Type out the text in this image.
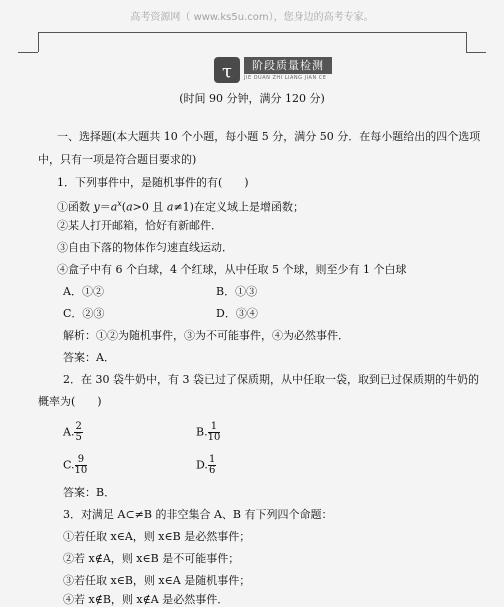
高考资源网（ www.ks5u.com），您身边的高考专家。
τ	阶段质量检测
JIE DUAN ZHI LIANG JIAN CE
(时间 90 分钟，满分 120 分)
一、选择题(本大题共 10 个小题，每小题 5 分，满分 50 分．在每小题给出的四个选项
中，只有一项是符合题目要求的)
1．下列事件中，是随机事件的有(　　)
①函数 $y=a^x(a>0$ 且 a≠1)在定义域上是增函数；
②某人打开邮箱，恰好有新邮件．
③自由下落的物体作匀速直线运动．
④盒子中有 6 个白球，4 个红球，从中任取 5 个球，则至少有 1 个白球
A．①②	B．①③
C．②③	D．③④
解析：①②为随机事件，③为不可能事件，④为必然事件．
答案：A．
2．在 30 袋牛奶中，有 3 袋已过了保质期，从中任取一袋，取到已过保质期的牛奶的
概率为(　　)
A. $\frac{2}{5}$	B. $\frac{1}{10}$
C. $\frac{9}{10}$	D. $\frac{1}{6}$
答案：B．
3．对满足 A⊂≠B 的非空集合 A、B 有下列四个命题：
①若任取 x∈A，则 x∈B 是必然事件；
②若 x∉A，则 x∈B 是不可能事件；
③若任取 x∈B，则 x∈A 是随机事件；
④若 x∉B，则 x∉A 是必然事件．
